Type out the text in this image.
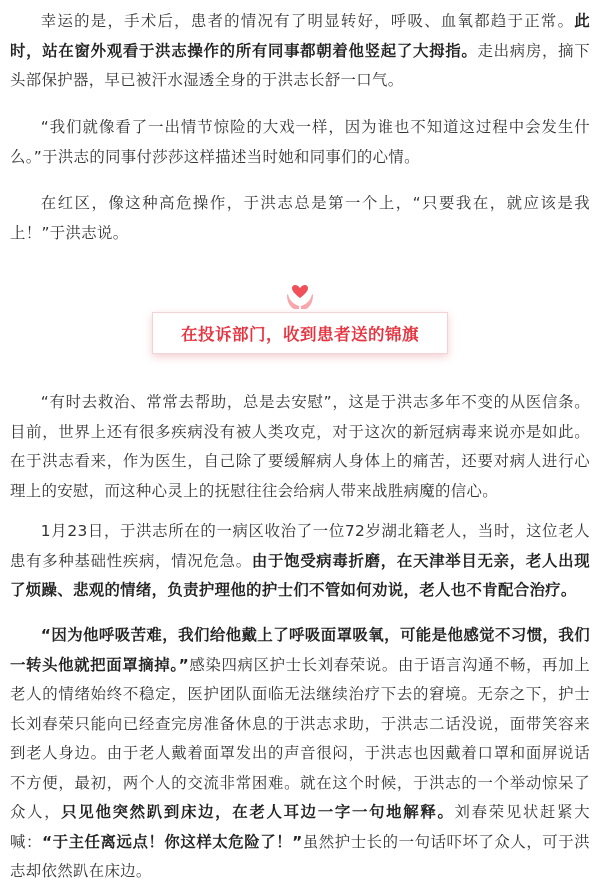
幸运的是，手术后，患者的情况有了明显转好，呼吸、血氧都趋于正常。此时，站在窗外观看于洪志操作的所有同事都朝着他竖起了大拇指。走出病房，摘下头部保护器，早已被汗水湿透全身的于洪志长舒一口气。

“我们就像看了一出情节惊险的大戏一样，因为谁也不知道这过程中会发生什么。”于洪志的同事付莎莎这样描述当时她和同事们的心情。

在红区，像这种高危操作，于洪志总是第一个上，“只要我在，就应该是我上！”于洪志说。

在投诉部门，收到患者送的锦旗

“有时去救治、常常去帮助，总是去安慰”，这是于洪志多年不变的从医信条。目前，世界上还有很多疾病没有被人类攻克，对于这次的新冠病毒来说亦是如此。在于洪志看来，作为医生，自己除了要缓解病人身体上的痛苦，还要对病人进行心理上的安慰，而这种心灵上的抚慰往往会给病人带来战胜病魔的信心。

1月23日，于洪志所在的一病区收治了一位72岁湖北籍老人，当时，这位老人患有多种基础性疾病，情况危急。由于饱受病毒折磨，在天津举目无亲，老人出现了烦躁、悲观的情绪，负责护理他的护士们不管如何劝说，老人也不肯配合治疗。

“因为他呼吸苦难，我们给他戴上了呼吸面罩吸氧，可能是他感觉不习惯，我们一转头他就把面罩摘掉。”感染四病区护士长刘春荣说。由于语言沟通不畅，再加上老人的情绪始终不稳定，医护团队面临无法继续治疗下去的窘境。无奈之下，护士长刘春荣只能向已经查完房准备休息的于洪志求助，于洪志二话没说，面带笑容来到老人身边。由于老人戴着面罩发出的声音很闷，于洪志也因戴着口罩和面屏说话不方便，最初，两个人的交流非常困难。就在这个时候，于洪志的一个举动惊呆了众人，只见他突然趴到床边，在老人耳边一字一句地解释。刘春荣见状赶紧大喊：“于主任离远点！你这样太危险了！”虽然护士长的一句话吓坏了众人，可于洪志却依然趴在床边。
